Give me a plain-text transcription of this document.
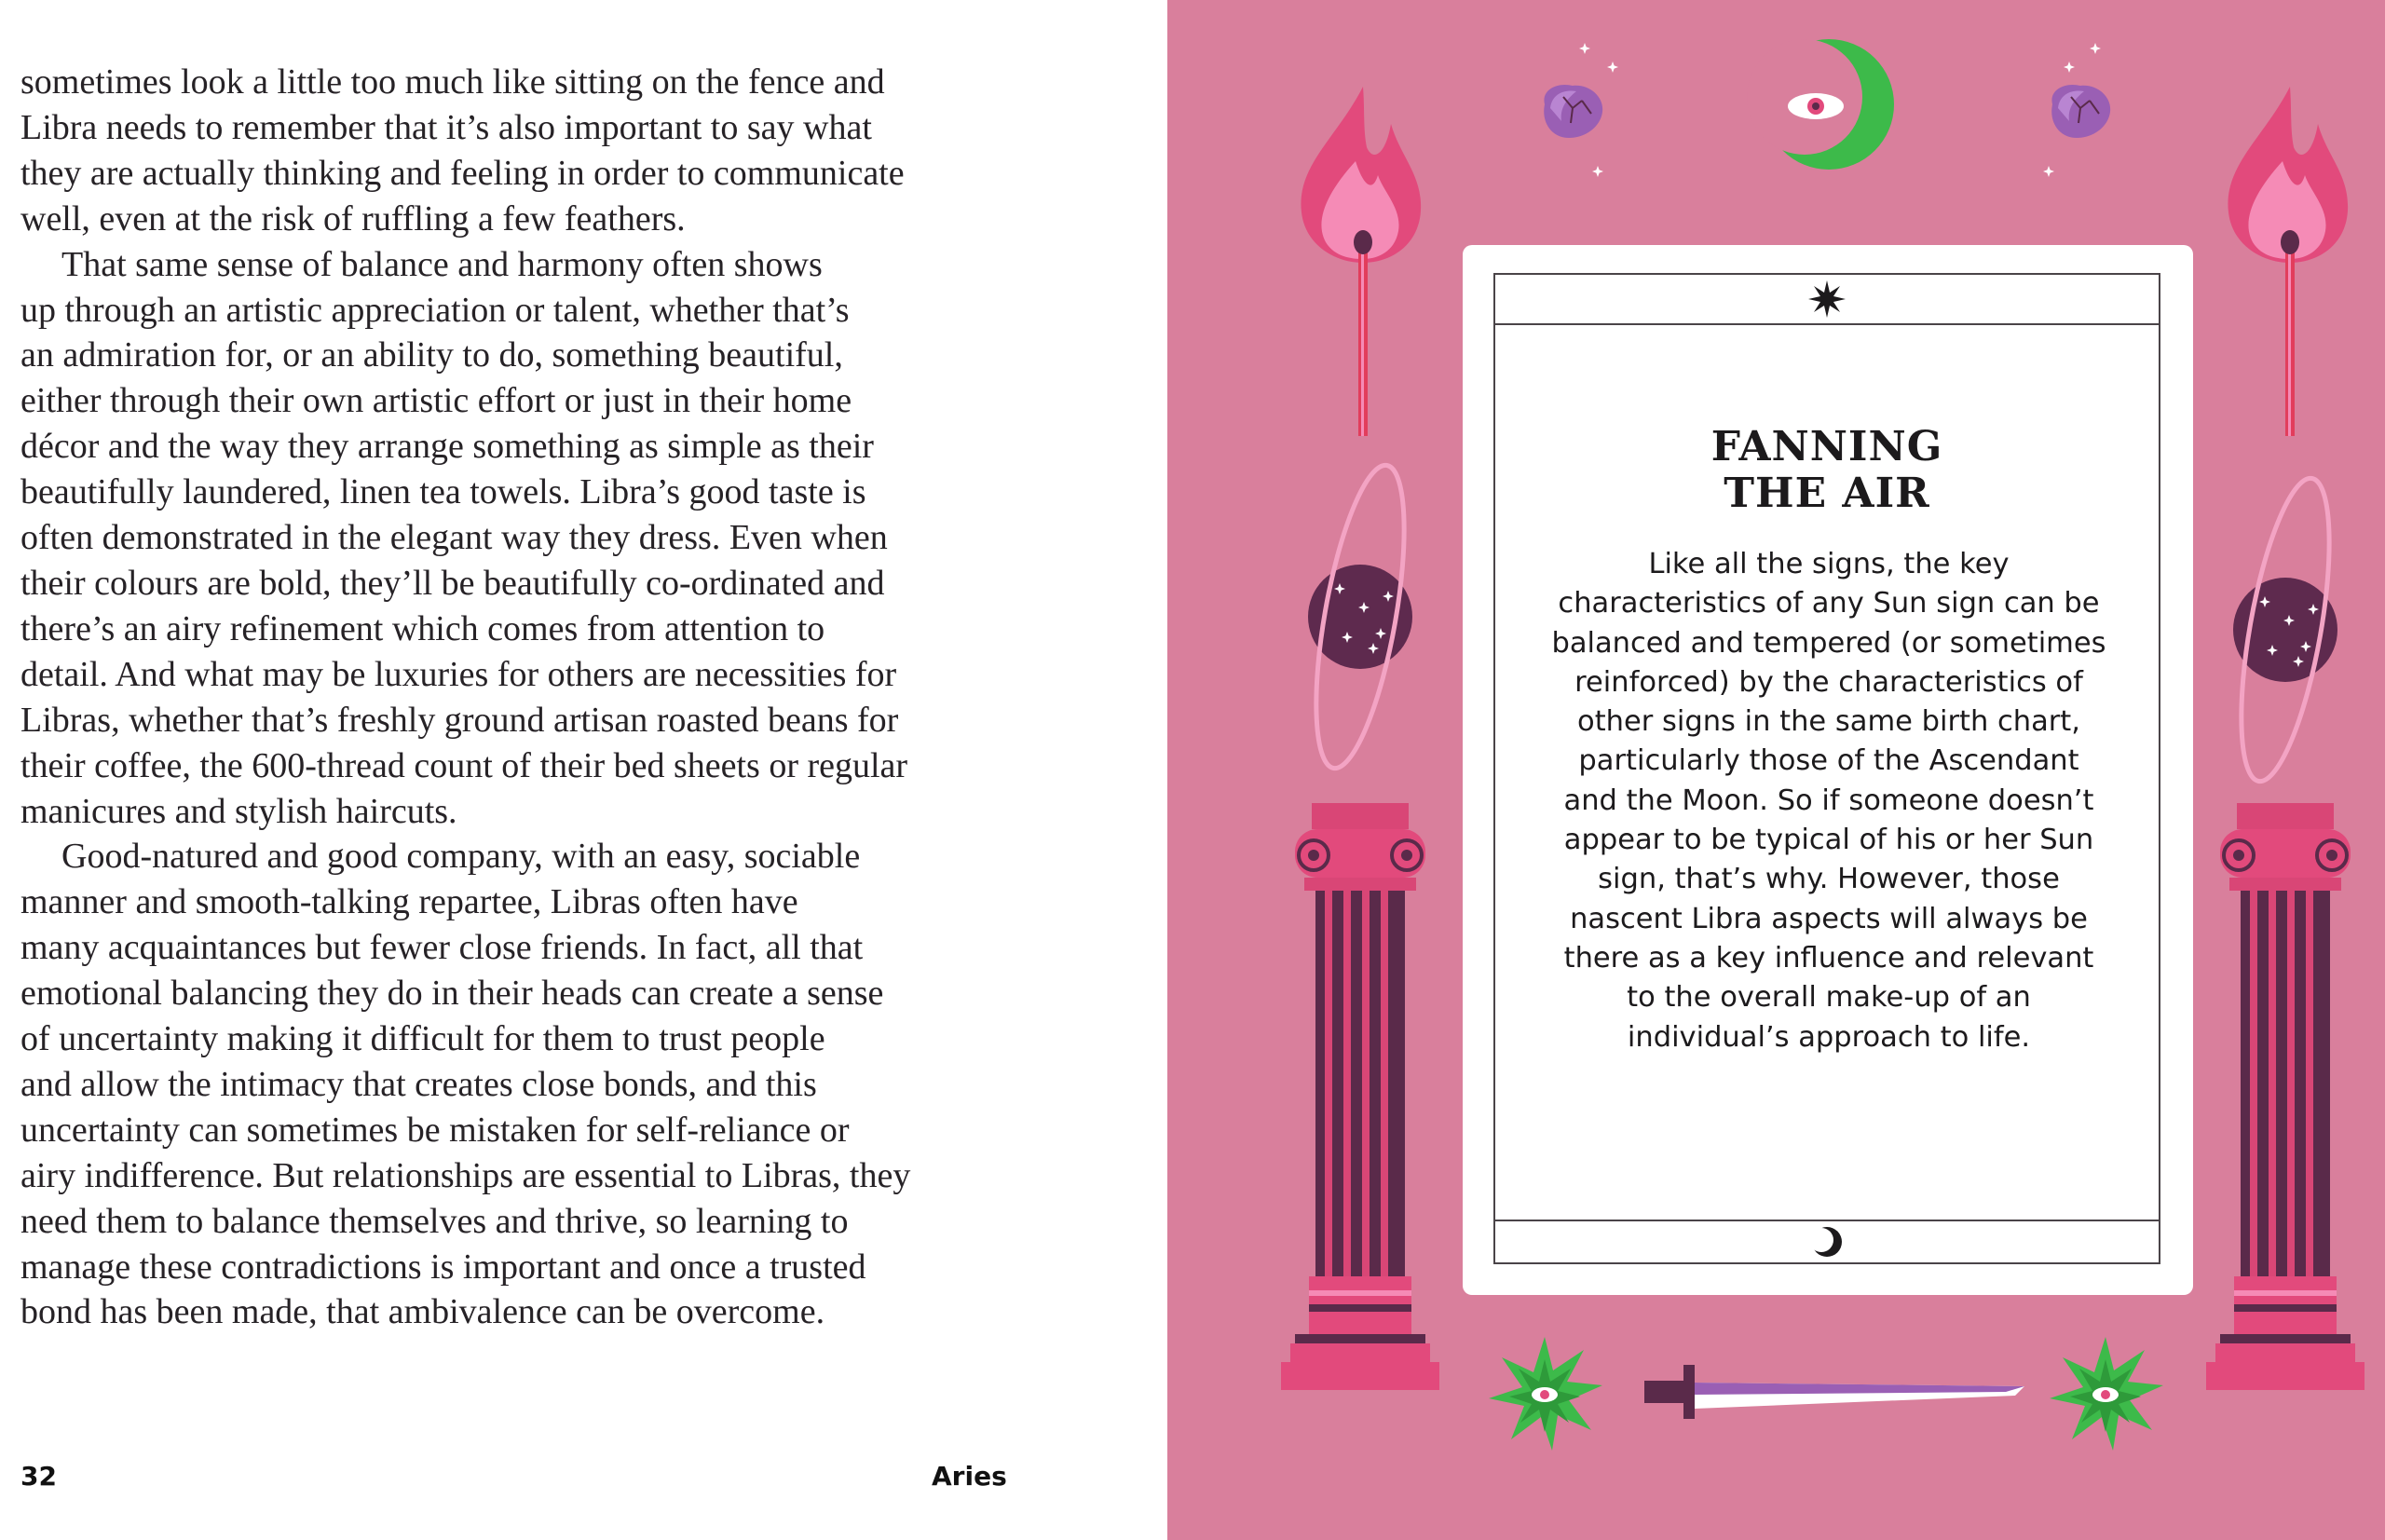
sometimes look a little too much like sitting on the fence and
Libra needs to remember that it’s also important to say what
they are actually thinking and feeling in order to communicate
well, even at the risk of ruffling a few feathers.

That same sense of balance and harmony often shows
up through an artistic appreciation or talent, whether that’s
an admiration for, or an ability to do, something beautiful,
either through their own artistic effort or just in their home
décor and the way they arrange something as simple as their
beautifully laundered, linen tea towels. Libra’s good taste is
often demonstrated in the elegant way they dress. Even when
their colours are bold, they’ll be beautifully co-ordinated and
there’s an airy refinement which comes from attention to
detail. And what may be luxuries for others are necessities for
Libras, whether that’s freshly ground artisan roasted beans for
their coffee, the 600-thread count of their bed sheets or regular
manicures and stylish haircuts.

Good-natured and good company, with an easy, sociable
manner and smooth-talking repartee, Libras often have
many acquaintances but fewer close friends. In fact, all that
emotional balancing they do in their heads can create a sense
of uncertainty making it difficult for them to trust people
and allow the intimacy that creates close bonds, and this
uncertainty can sometimes be mistaken for self-reliance or
airy indifference. But relationships are essential to Libras, they
need them to balance themselves and thrive, so learning to
manage these contradictions is important and once a trusted
bond has been made, that ambivalence can be overcome.

32	Aries
FANNING
THE AIR
Like all the signs, the key characteristics of any Sun sign can be balanced and tempered (or sometimes reinforced) by the characteristics of other signs in the same birth chart, particularly those of the Ascendant and the Moon. So if someone doesn’t appear to be typical of his or her Sun sign, that’s why. However, those nascent Libra aspects will always be there as a key influence and relevant to the overall make-up of an individual’s approach to life.
